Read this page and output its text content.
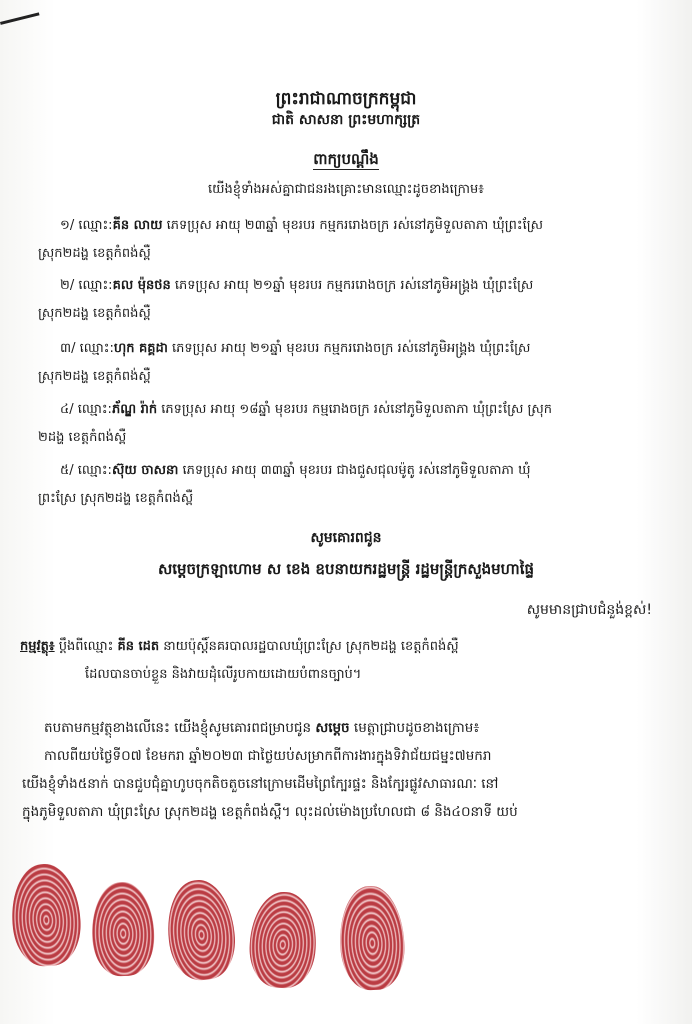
ព្រះរាជាណាចក្រកម្ពុជា
ជាតិ សាសនា ព្រះមហាក្សត្រ
ពាក្យបណ្ដឹង
យើងខ្ញុំទាំងអស់គ្នាជាជនរងគ្រោះមានឈ្មោះដូចខាងក្រោម៖
១/ ឈ្មោះ:គីន លាយ ភេទប្រុស អាយុ ២៣ឆ្នាំ មុខរបរ កម្មកររោងចក្រ រស់នៅភូមិទួលតាភា ឃុំព្រះស្រែ
ស្រុក២ដង្ហ ខេត្តកំពង់ស្ពឺ
២/ ឈ្មោះ:គល ម៉ុនថន ភេទប្រុស អាយុ ២១ឆ្នាំ មុខរបរ កម្មកររោងចក្រ រស់នៅភូមិអង្គ្រង ឃុំព្រះស្រែ
ស្រុក២ដង្ហ ខេត្តកំពង់ស្ពឺ
៣/ ឈ្មោះ:ហុក គគ្គដា ភេទប្រុស អាយុ ២១ឆ្នាំ មុខរបរ កម្មកររោងចក្រ រស់នៅភូមិអង្គ្រង ឃុំព្រះស្រែ
ស្រុក២ដង្ហ ខេត្តកំពង់ស្ពឺ
៤/ ឈ្មោះ:ភ័ណ្ឌ រ៉ាក់ ភេទប្រុស អាយុ ១៨ឆ្នាំ មុខរបរ កម្មរោងចក្រ រស់នៅភូមិទួលតាភា ឃុំព្រះស្រែ ស្រុក
២ដង្ហ ខេត្តកំពង់ស្ពឺ
៥/ ឈ្មោះ:ស៊ុយ ចាសនា ភេទប្រុស អាយុ ៣៣ឆ្នាំ មុខរបរ ជាងជួសជុលម៉ូតូ រស់នៅភូមិទួលតាភា ឃុំ
ព្រះស្រែ ស្រុក២ដង្ហ ខេត្តកំពង់ស្ពឺ
សូមគោរពជូន
សម្ដេចក្រឡាហោម ស ខេង ឧបនាយករដ្ឋមន្ត្រី រដ្ឋមន្ត្រីក្រសួងមហាផ្ទៃ
សូមមានជ្រាបជំនួង់ខ្ពស់!
កម្មវត្ថុ៖ ប្ដឹងពីឈ្មោះ គីន ដេត នាយប៉ុស្ដិ៍នគរបាលរដ្ឋបាលឃុំព្រះស្រែ ស្រុក២ដង្ហ ខេត្តកំពង់ស្ពឺ
ដែលបានចាប់ខ្លួន និងវាយដុំលើរូបកាយដោយបំពានច្បាប់។
តបតាមកម្មវត្ថុខាងលើនេះ យើងខ្ញុំសូមគោរពជម្រាបជូន សម្ដេច មេត្តាជ្រាបដូចខាងក្រោម៖
កាលពីយប់ថ្ងៃទី០៧ ខែមករា ឆ្នាំ២០២៣ ជាថ្ងៃយប់សម្រាកពីការងារក្នុងទិវាជ័យជម្នះ៧មករា
យើងខ្ញុំទាំង៥នាក់ បានជួបជុំគ្នាហូបចុកតិចតួចនៅក្រោមដើមព្រៃក្បែរផ្ទះ និងក្បែរផ្លូវសាធារណៈ នៅ
ក្នុងភូមិទួលតាភា ឃុំព្រះស្រែ ស្រុក២ដង្ហ ខេត្តកំពង់ស្ពឺ។ លុះដល់ម៉ោងប្រហែលជា ៨ និង៤០នាទី យប់
